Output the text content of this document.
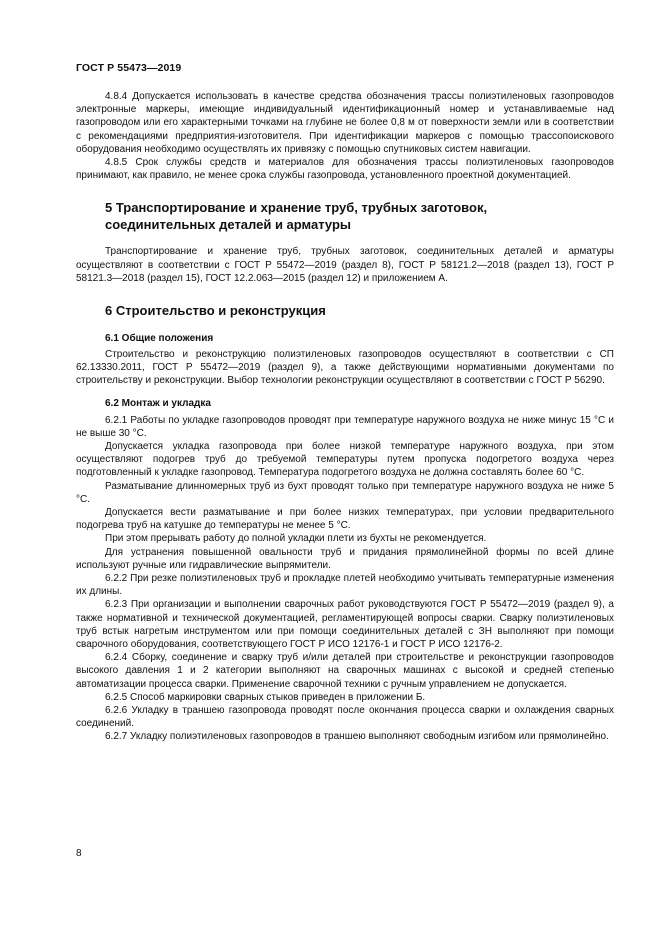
ГОСТ Р 55473—2019

4.8.4 Допускается использовать в качестве средства обозначения трассы полиэтиленовых газопроводов электронные маркеры, имеющие индивидуальный идентификационный номер и устанавливаемые над газопроводом или его характерными точками на глубине не более 0,8 м от поверхности земли или в соответствии с рекомендациями предприятия-изготовителя. При идентификации маркеров с помощью трассопоискового оборудования необходимо осуществлять их привязку с помощью спутниковых систем навигации.

4.8.5 Срок службы средств и материалов для обозначения трассы полиэтиленовых газопроводов принимают, как правило, не менее срока службы газопровода, установленного проектной документацией.

5 Транспортирование и хранение труб, трубных заготовок,
соединительных деталей и арматуры

Транспортирование и хранение труб, трубных заготовок, соединительных деталей и арматуры осуществляют в соответствии с ГОСТ Р 55472—2019 (раздел 8), ГОСТ Р 58121.2—2018 (раздел 13), ГОСТ Р 58121.3—2018 (раздел 15), ГОСТ 12.2.063—2015 (раздел 12) и приложением А.

6 Строительство и реконструкция
6.1 Общие положения

Строительство и реконструкцию полиэтиленовых газопроводов осуществляют в соответствии с СП 62.13330.2011, ГОСТ Р 55472—2019 (раздел 9), а также действующими нормативными документами по строительству и реконструкции. Выбор технологии реконструкции осуществляют в соответствии с ГОСТ Р 56290.

6.2 Монтаж и укладка

6.2.1 Работы по укладке газопроводов проводят при температуре наружного воздуха не ниже минус 15 °С и не выше 30 °С.

Допускается укладка газопровода при более низкой температуре наружного воздуха, при этом осуществляют подогрев труб до требуемой температуры путем пропуска подогретого воздуха через подготовленный к укладке газопровод. Температура подогретого воздуха не должна составлять более 60 °С.

Разматывание длинномерных труб из бухт проводят только при температуре наружного воздуха не ниже 5 °С.

Допускается вести разматывание и при более низких температурах, при условии предварительного подогрева труб на катушке до температуры не менее 5 °С.

При этом прерывать работу до полной укладки плети из бухты не рекомендуется.

Для устранения повышенной овальности труб и придания прямолинейной формы по всей длине используют ручные или гидравлические выпрямители.

6.2.2 При резке полиэтиленовых труб и прокладке плетей необходимо учитывать температурные изменения их длины.

6.2.3 При организации и выполнении сварочных работ руководствуются ГОСТ Р 55472—2019 (раздел 9), а также нормативной и технической документацией, регламентирующей вопросы сварки. Сварку полиэтиленовых труб встык нагретым инструментом или при помощи соединительных деталей с ЗН выполняют при помощи сварочного оборудования, соответствующего ГОСТ Р ИСО 12176-1 и ГОСТ Р ИСО 12176-2.

6.2.4 Сборку, соединение и сварку труб и/или деталей при строительстве и реконструкции газопроводов высокого давления 1 и 2 категории выполняют на сварочных машинах с высокой и средней степенью автоматизации процесса сварки. Применение сварочной техники с ручным управлением не допускается.

6.2.5 Способ маркировки сварных стыков приведен в приложении Б.

6.2.6 Укладку в траншею газопровода проводят после окончания процесса сварки и охлаждения сварных соединений.

6.2.7 Укладку полиэтиленовых газопроводов в траншею выполняют свободным изгибом или прямолинейно.

8
